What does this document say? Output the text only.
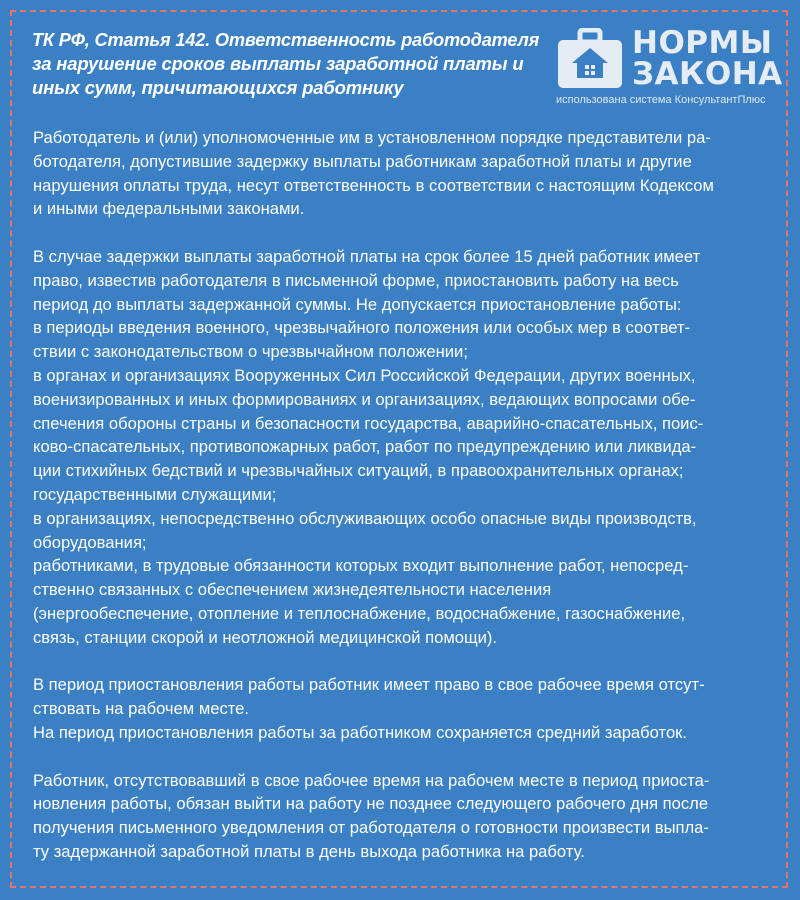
ТК РФ, Статья 142. Ответственность работодателя
за нарушение сроков выплаты заработной платы и
иных сумм, причитающихся работнику
НОРМЫ
ЗАКОНА
использована система КонсультантПлюс

Работодатель и (или) уполномоченные им в установленном порядке представители ра-
ботодателя, допустившие задержку выплаты работникам заработной платы и другие
нарушения оплаты труда, несут ответственность в соответствии с настоящим Кодексом
и иными федеральными законами.

В случае задержки выплаты заработной платы на срок более 15 дней работник имеет
право, известив работодателя в письменной форме, приостановить работу на весь
период до выплаты задержанной суммы. Не допускается приостановление работы:
в периоды введения военного, чрезвычайного положения или особых мер в соответ-
ствии с законодательством о чрезвычайном положении;
в органах и организациях Вооруженных Сил Российской Федерации, других военных,
военизированных и иных формированиях и организациях, ведающих вопросами обе-
спечения обороны страны и безопасности государства, аварийно-спасательных, поис-
ково-спасательных, противопожарных работ, работ по предупреждению или ликвида-
ции стихийных бедствий и чрезвычайных ситуаций, в правоохранительных органах;
государственными служащими;
в организациях, непосредственно обслуживающих особо опасные виды производств,
оборудования;
работниками, в трудовые обязанности которых входит выполнение работ, непосред-
ственно связанных с обеспечением жизнедеятельности населения
(энергообеспечение, отопление и теплоснабжение, водоснабжение, газоснабжение,
связь, станции скорой и неотложной медицинской помощи).

В период приостановления работы работник имеет право в свое рабочее время отсут-
ствовать на рабочем месте.
На период приостановления работы за работником сохраняется средний заработок.

Работник, отсутствовавший в свое рабочее время на рабочем месте в период приоста-
новления работы, обязан выйти на работу не позднее следующего рабочего дня после
получения письменного уведомления от работодателя о готовности произвести выпла-
ту задержанной заработной платы в день выхода работника на работу.
